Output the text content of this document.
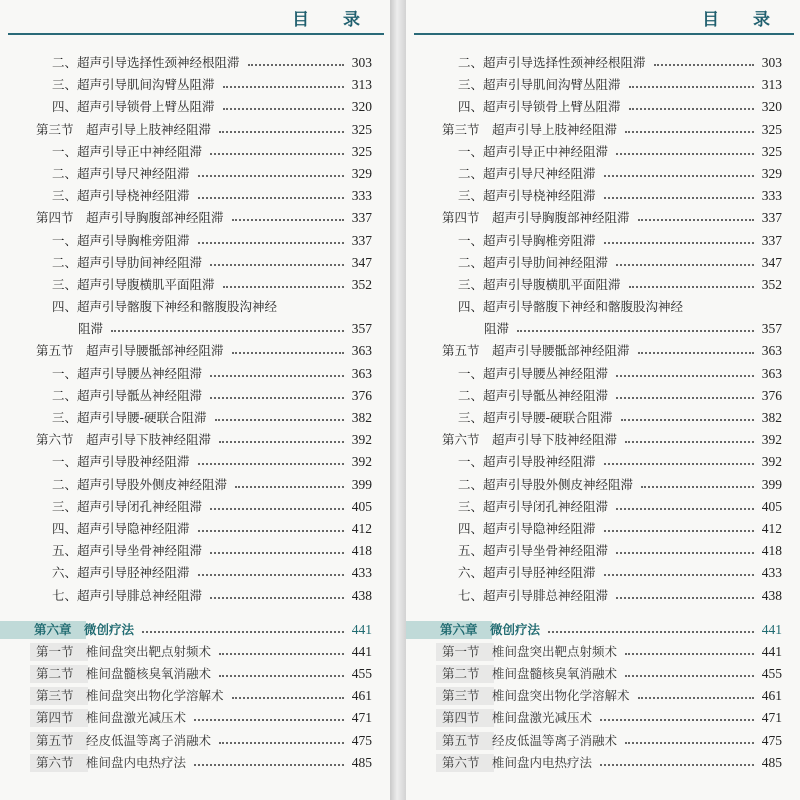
目 录
二、超声引导选择性颈神经根阻滞	303
三、超声引导肌间沟臂丛阻滞	313
四、超声引导锁骨上臂丛阻滞	320
第三节　超声引导上肢神经阻滞	325
一、超声引导正中神经阻滞	325
二、超声引导尺神经阻滞	329
三、超声引导桡神经阻滞	333
第四节　超声引导胸腹部神经阻滞	337
一、超声引导胸椎旁阻滞	337
二、超声引导肋间神经阻滞	347
三、超声引导腹横肌平面阻滞	352
四、超声引导髂腹下神经和髂腹股沟神经
阻滞	357
第五节　超声引导腰骶部神经阻滞	363
一、超声引导腰丛神经阻滞	363
二、超声引导骶丛神经阻滞	376
三、超声引导腰-硬联合阻滞	382
第六节　超声引导下肢神经阻滞	392
一、超声引导股神经阻滞	392
二、超声引导股外侧皮神经阻滞	399
三、超声引导闭孔神经阻滞	405
四、超声引导隐神经阻滞	412
五、超声引导坐骨神经阻滞	418
六、超声引导胫神经阻滞	433
七、超声引导腓总神经阻滞	438
第六章　微创疗法	441
第一节　椎间盘突出靶点射频术	441
第二节　椎间盘髓核臭氧消融术	455
第三节　椎间盘突出物化学溶解术	461
第四节　椎间盘激光减压术	471
第五节　经皮低温等离子消融术	475
第六节　椎间盘内电热疗法	485
目 录
二、超声引导选择性颈神经根阻滞	303
三、超声引导肌间沟臂丛阻滞	313
四、超声引导锁骨上臂丛阻滞	320
第三节　超声引导上肢神经阻滞	325
一、超声引导正中神经阻滞	325
二、超声引导尺神经阻滞	329
三、超声引导桡神经阻滞	333
第四节　超声引导胸腹部神经阻滞	337
一、超声引导胸椎旁阻滞	337
二、超声引导肋间神经阻滞	347
三、超声引导腹横肌平面阻滞	352
四、超声引导髂腹下神经和髂腹股沟神经
阻滞	357
第五节　超声引导腰骶部神经阻滞	363
一、超声引导腰丛神经阻滞	363
二、超声引导骶丛神经阻滞	376
三、超声引导腰-硬联合阻滞	382
第六节　超声引导下肢神经阻滞	392
一、超声引导股神经阻滞	392
二、超声引导股外侧皮神经阻滞	399
三、超声引导闭孔神经阻滞	405
四、超声引导隐神经阻滞	412
五、超声引导坐骨神经阻滞	418
六、超声引导胫神经阻滞	433
七、超声引导腓总神经阻滞	438
第六章　微创疗法	441
第一节　椎间盘突出靶点射频术	441
第二节　椎间盘髓核臭氧消融术	455
第三节　椎间盘突出物化学溶解术	461
第四节　椎间盘激光减压术	471
第五节　经皮低温等离子消融术	475
第六节　椎间盘内电热疗法	485
